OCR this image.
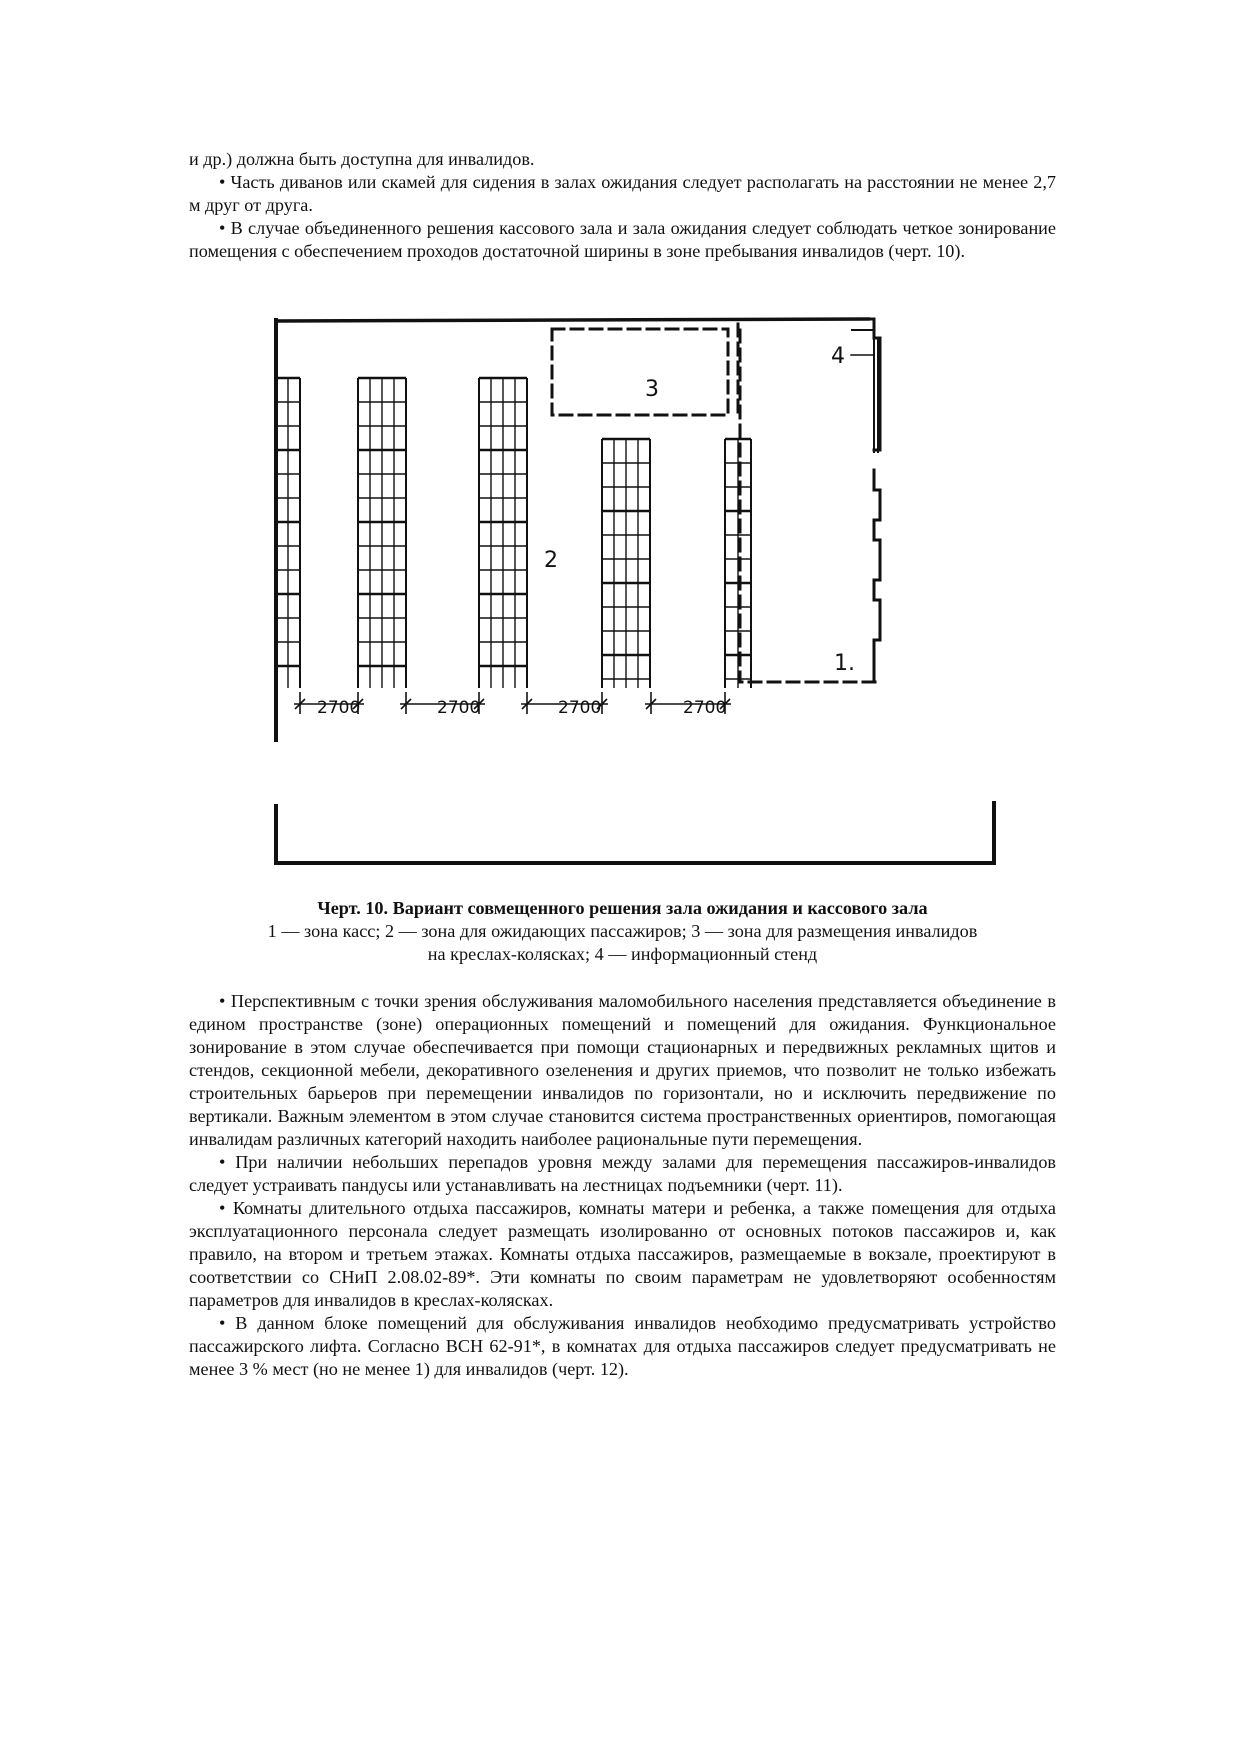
и др.) должна быть доступна для инвалидов.

• Часть диванов или скамей для сидения в залах ожидания следует располагать на расстоянии не менее 2,7 м друг от друга.

• В случае объединенного решения кассового зала и зала ожидания следует соблюдать четкое зонирование помещения с обеспечением проходов достаточной ширины в зоне пребывания инвалидов (черт. 10).

1.
2
3
4
2700	2700	2700	2700
Черт. 10. Вариант совмещенного решения зала ожидания и кассового зала
1 — зона касс; 2 — зона для ожидающих пассажиров; 3 — зона для размещения инвалидов
на креслах-колясках; 4 — информационный стенд

• Перспективным с точки зрения обслуживания маломобильного населения представляется объединение в едином пространстве (зоне) операционных помещений и помещений для ожидания. Функциональное зонирование в этом случае обеспечивается при помощи стационарных и передвижных рекламных щитов и стендов, секционной мебели, декоративного озеленения и других приемов, что позволит не только избежать строительных барьеров при перемещении инвалидов по горизонтали, но и исключить передвижение по вертикали. Важным элементом в этом случае становится система пространственных ориентиров, помогающая инвалидам различных категорий находить наиболее рациональные пути перемещения.

• При наличии небольших перепадов уровня между залами для перемещения пассажиров-инвалидов следует устраивать пандусы или устанавливать на лестницах подъемники (черт. 11).

• Комнаты длительного отдыха пассажиров, комнаты матери и ребенка, а также помещения для отдыха эксплуатационного персонала следует размещать изолированно от основных потоков пассажиров и, как правило, на втором и третьем этажах. Комнаты отдыха пассажиров, размещаемые в вокзале, проектируют в соответствии со СНиП 2.08.02-89*. Эти комнаты по своим параметрам не удовлетворяют особенностям параметров для инвалидов в креслах-колясках.

• В данном блоке помещений для обслуживания инвалидов необходимо предусматривать устройство пассажирского лифта. Согласно ВСН 62-91*, в комнатах для отдыха пассажиров следует предусматривать не менее 3 % мест (но не менее 1) для инвалидов (черт. 12).
